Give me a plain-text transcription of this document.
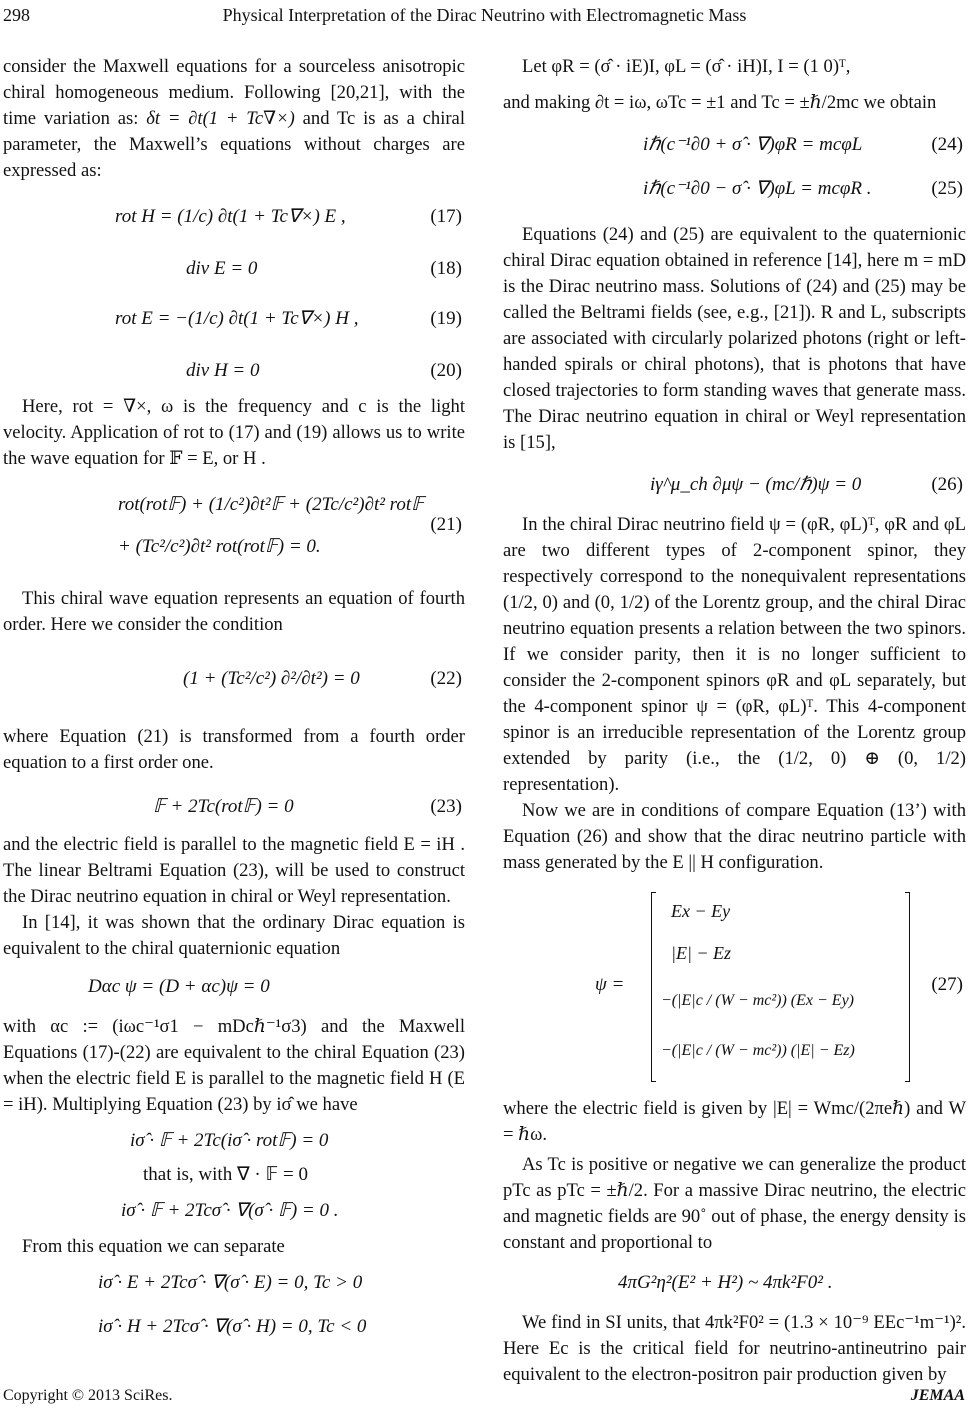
298	Physical Interpretation of the Dirac Neutrino with Electromagnetic Mass

consider the Maxwell equations for a sourceless anisotropic chiral homogeneous medium. Following [20,21], with the time variation as: δt = ∂t(1 + Tc∇×) and Tc is as a chiral parameter, the Maxwell’s equations without charges are expressed as:

rot H = (1/c) ∂t(1 + Tc∇×) E ,	(17)
div E = 0	(18)
rot E = −(1/c) ∂t(1 + Tc∇×) H ,	(19)
div H = 0	(20)

Here, rot = ∇×, ω is the frequency and c is the light velocity. Application of rot to (17) and (19) allows us to write the wave equation for 𝔽 = E, or H .

rot(rot𝔽) + (1/c²)∂t²𝔽 + (2Tc/c²)∂t² rot𝔽
+ (Tc²/c²)∂t² rot(rot𝔽) = 0.
(21)

This chiral wave equation represents an equation of fourth order. Here we consider the condition

(1 + (Tc²/c²) ∂²/∂t²) = 0	(22)

where Equation (21) is transformed from a fourth order equation to a first order one.

𝔽 + 2Tc(rot𝔽) = 0	(23)

and the electric field is parallel to the magnetic field E = iH . The linear Beltrami Equation (23), will be used to construct the Dirac neutrino equation in chiral or Weyl representation.

In [14], it was shown that the ordinary Dirac equation is equivalent to the chiral quaternionic equation

Dαc ψ = (D + αc)ψ = 0

with αc := (iωc⁻¹σ1 − mDcℏ⁻¹σ3) and the Maxwell Equations (17)-(22) are equivalent to the chiral Equation (23) when the electric field E is parallel to the magnetic field H (E = iH). Multiplying Equation (23) by iσ̂ we have

iσ̂ · 𝔽 + 2Tc(iσ̂ · rot𝔽) = 0
that is, with ∇ · 𝔽 = 0
iσ̂ · 𝔽 + 2Tcσ̂ · ∇(σ̂ · 𝔽) = 0 .

From this equation we can separate

iσ̂ · E + 2Tcσ̂ · ∇(σ̂ · E) = 0, Tc > 0
iσ̂ · H + 2Tcσ̂ · ∇(σ̂ · H) = 0, Tc < 0

Let φR = (σ̂ · iE)I, φL = (σ̂ · iH)I, I = (1 0)ᵀ,

and making ∂t = iω, ωTc = ±1 and Tc = ±ℏ/2mc we obtain

iℏ(c⁻¹∂0 + σ̂ · ∇)φR = mcφL	(24)
iℏ(c⁻¹∂0 − σ̂ · ∇)φL = mcφR .	(25)

Equations (24) and (25) are equivalent to the quaternionic chiral Dirac equation obtained in reference [14], here m = mD is the Dirac neutrino mass. Solutions of (24) and (25) may be called the Beltrami fields (see, e.g., [21]). R and L, subscripts are associated with circularly polarized photons (right or left-handed spirals or chiral photons), that is photons that have closed trajectories to form standing waves that generate mass. The Dirac neutrino equation in chiral or Weyl representation is [15],

iγ^μ_ch ∂μψ − (mc/ℏ)ψ = 0	(26)

In the chiral Dirac neutrino field ψ = (φR, φL)ᵀ, φR and φL are two different types of 2-component spinor, they respectively correspond to the nonequivalent representations (1/2, 0) and (0, 1/2) of the Lorentz group, and the chiral Dirac neutrino equation presents a relation between the two spinors. If we consider parity, then it is no longer sufficient to consider the 2-component spinors φR and φL separately, but the 4-component spinor ψ = (φR, φL)ᵀ. This 4-component spinor is an irreducible representation of the Lorentz group extended by parity (i.e., the (1/2, 0) ⊕ (0, 1/2) representation).

Now we are in conditions of compare Equation (13’) with Equation (26) and show that the dirac neutrino particle with mass generated by the E || H configuration.

ψ =
Ex − Ey
|E| − Ez
−(|E|c / (W − mc²)) (Ex − Ey)
−(|E|c / (W − mc²)) (|E| − Ez)
(27)

where the electric field is given by |E| = Wmc/(2πeℏ) and W = ℏω.

As Tc is positive or negative we can generalize the product pTc as pTc = ±ℏ/2. For a massive Dirac neutrino, the electric and magnetic fields are 90˚ out of phase, the energy density is constant and proportional to

4πG²η²(E² + H²) ~ 4πk²F0² .

We find in SI units, that 4πk²F0² = (1.3 × 10⁻⁹ EEc⁻¹m⁻¹)². Here Ec is the critical field for neutrino-antineutrino pair equivalent to the electron-positron pair production given by

Copyright © 2013 SciRes.	JEMAA
